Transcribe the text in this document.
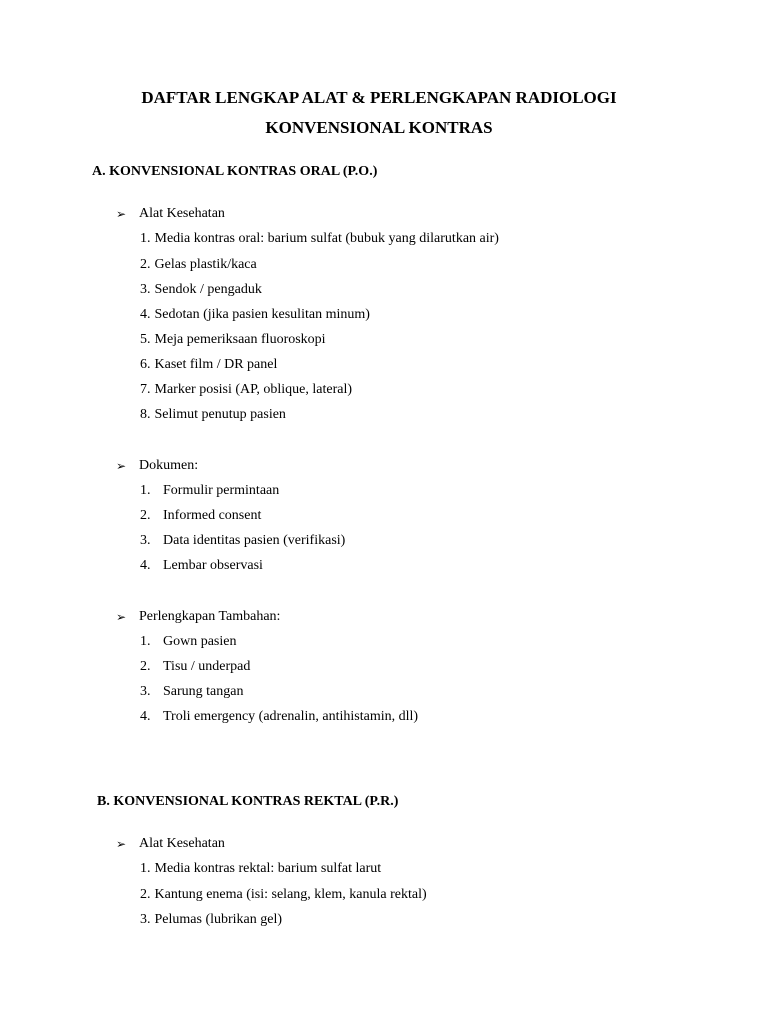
DAFTAR LENGKAP ALAT & PERLENGKAPAN RADIOLOGI
KONVENSIONAL KONTRAS
A. KONVENSIONAL KONTRAS ORAL (P.O.)
➢ Alat Kesehatan
1. Media kontras oral: barium sulfat (bubuk yang dilarutkan air)
2. Gelas plastik/kaca
3. Sendok / pengaduk
4. Sedotan (jika pasien kesulitan minum)
5. Meja pemeriksaan fluoroskopi
6. Kaset film / DR panel
7. Marker posisi (AP, oblique, lateral)
8. Selimut penutup pasien
➢ Dokumen:
1. Formulir permintaan
2. Informed consent
3. Data identitas pasien (verifikasi)
4. Lembar observasi
➢ Perlengkapan Tambahan:
1. Gown pasien
2. Tisu / underpad
3. Sarung tangan
4. Troli emergency (adrenalin, antihistamin, dll)
B. KONVENSIONAL KONTRAS REKTAL (P.R.)
➢ Alat Kesehatan
1. Media kontras rektal: barium sulfat larut
2. Kantung enema (isi: selang, klem, kanula rektal)
3. Pelumas (lubrikan gel)
